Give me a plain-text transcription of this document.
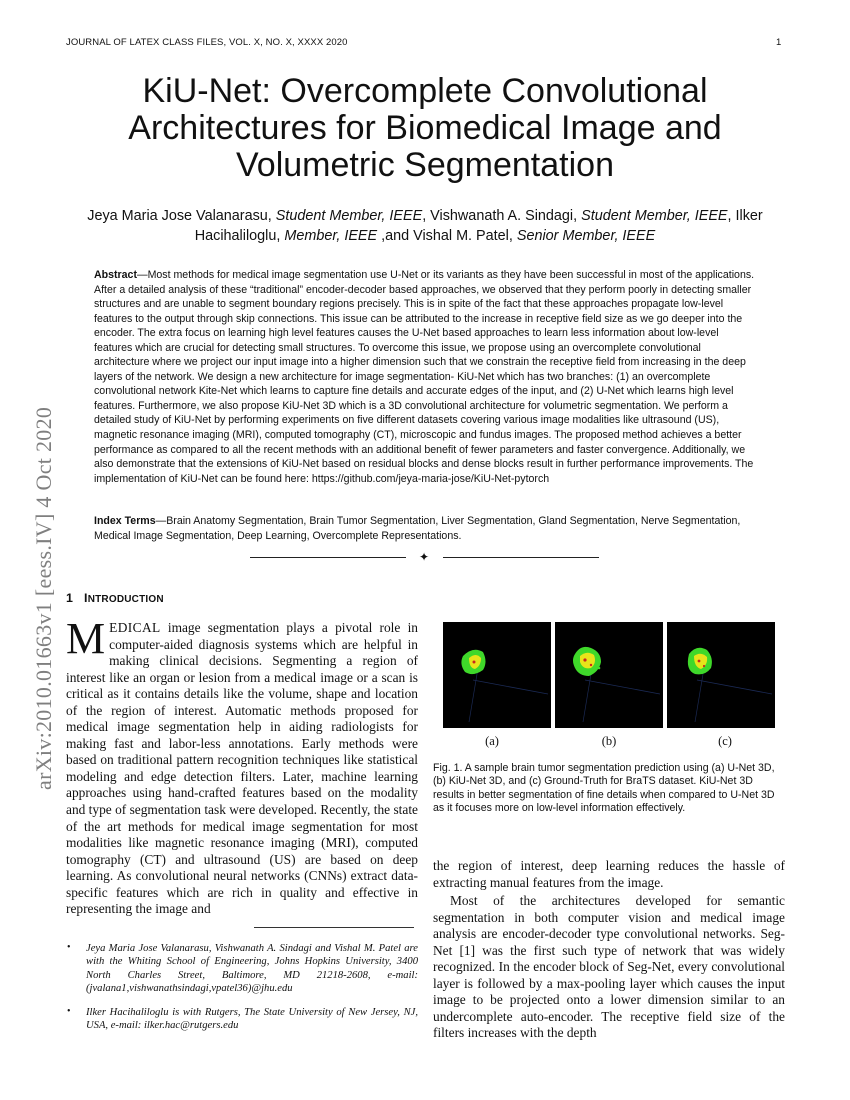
JOURNAL OF LATEX CLASS FILES, VOL. X, NO. X, XXXX 2020	1
arXiv:2010.01663v1 [eess.IV] 4 Oct 2020
KiU-Net: Overcomplete Convolutional Architectures for Biomedical Image and Volumetric Segmentation
Jeya Maria Jose Valanarasu, Student Member, IEEE, Vishwanath A. Sindagi, Student Member, IEEE, Ilker Hacihaliloglu, Member, IEEE ,and Vishal M. Patel, Senior Member, IEEE

Abstract—Most methods for medical image segmentation use U-Net or its variants as they have been successful in most of the applications. After a detailed analysis of these “traditional” encoder-decoder based approaches, we observed that they perform poorly in detecting smaller structures and are unable to segment boundary regions precisely. This is in spite of the fact that these approaches propagate low-level features to the output through skip connections. This issue can be attributed to the increase in receptive field size as we go deeper into the encoder. The extra focus on learning high level features causes the U-Net based approaches to learn less information about low-level features which are crucial for detecting small structures. To overcome this issue, we propose using an overcomplete convolutional architecture where we project our input image into a higher dimension such that we constrain the receptive field from increasing in the deep layers of the network. We design a new architecture for image segmentation- KiU-Net which has two branches: (1) an overcomplete convolutional network Kite-Net which learns to capture fine details and accurate edges of the input, and (2) U-Net which learns high level features. Furthermore, we also propose KiU-Net 3D which is a 3D convolutional architecture for volumetric segmentation. We perform a detailed study of KiU-Net by performing experiments on five different datasets covering various image modalities like ultrasound (US), magnetic resonance imaging (MRI), computed tomography (CT), microscopic and fundus images. The proposed method achieves a better performance as compared to all the recent methods with an additional benefit of fewer parameters and faster convergence. Additionally, we also demonstrate that the extensions of KiU-Net based on residual blocks and dense blocks result in further performance improvements. The implementation of KiU-Net can be found here: https://github.com/jeya-maria-jose/KiU-Net-pytorch

Index Terms—Brain Anatomy Segmentation, Brain Tumor Segmentation, Liver Segmentation, Gland Segmentation, Nerve Segmentation, Medical Image Segmentation, Deep Learning, Overcomplete Representations.

✦
1 INTRODUCTION

MEDICAL image segmentation plays a pivotal role in computer-aided diagnosis systems which are helpful in making clinical decisions. Segmenting a region of interest like an organ or lesion from a medical image or a scan is critical as it contains details like the volume, shape and location of the region of interest. Automatic methods proposed for medical image segmentation help in aiding radiologists for making fast and labor-less annotations. Early methods were based on traditional pattern recognition techniques like statistical modeling and edge detection filters. Later, machine learning approaches using hand-crafted features based on the modality and type of segmentation task were developed. Recently, the state of the art methods for medical image segmentation for most modalities like magnetic resonance imaging (MRI), computed tomography (CT) and ultrasound (US) are based on deep learning. As convolutional neural networks (CNNs) extract data-specific features which are rich in quality and effective in representing the image and

• Jeya Maria Jose Valanarasu, Vishwanath A. Sindagi and Vishal M. Patel are with the Whiting School of Engineering, Johns Hopkins University, 3400 North Charles Street, Baltimore, MD 21218-2608, e-mail: (jvalana1,vishwanathsindagi,vpatel36)@jhu.edu

• Ilker Hacihaliloglu is with Rutgers, The State University of New Jersey, NJ, USA, e-mail: ilker.hac@rutgers.edu

(a)	(b)	(c)

Fig. 1. A sample brain tumor segmentation prediction using (a) U-Net 3D, (b) KiU-Net 3D, and (c) Ground-Truth for BraTS dataset. KiU-Net 3D results in better segmentation of fine details when compared to U-Net 3D as it focuses more on low-level information effectively.

the region of interest, deep learning reduces the hassle of extracting manual features from the image.

Most of the architectures developed for semantic segmentation in both computer vision and medical image analysis are encoder-decoder type convolutional networks. Seg-Net [1] was the first such type of network that was widely recognized. In the encoder block of Seg-Net, every convolutional layer is followed by a max-pooling layer which causes the input image to be projected onto a lower dimension similar to an undercomplete auto-encoder. The receptive field size of the filters increases with the depth
